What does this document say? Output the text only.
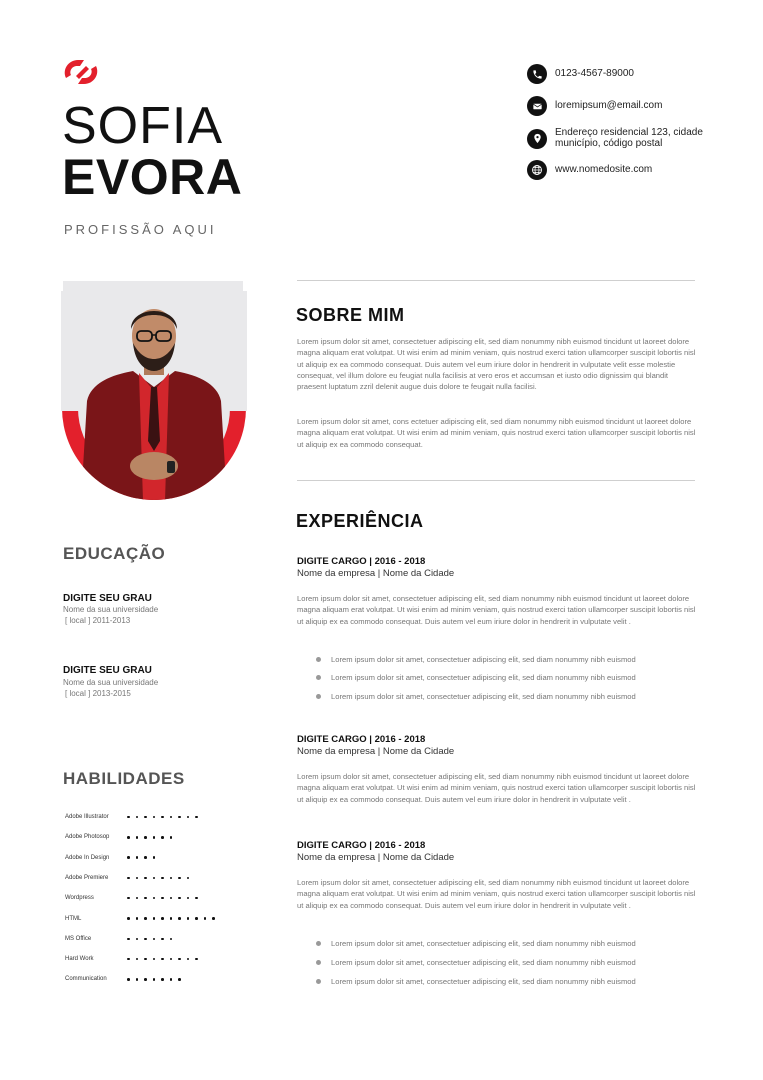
SOFIA
EVORA
PROFISSÃO AQUI
0123-4567-89000
loremipsum@email.com
Endereço residencial 123, cidade município, código postal
www.nomedosite.com
SOBRE MIM
Lorem ipsum dolor sit amet, consectetuer adipiscing elit, sed diam nonummy nibh euismod tincidunt ut laoreet dolore magna aliquam erat volutpat. Ut wisi enim ad minim veniam, quis nostrud exerci tation ullamcorper suscipit lobortis nisl ut aliquip ex ea commodo consequat. Duis autem vel eum iriure dolor in hendrerit in vulputate velit esse molestie consequat, vel illum dolore eu feugiat nulla facilisis at vero eros et accumsan et iusto odio dignissim qui blandit praesent luptatum zzril delenit augue duis dolore te feugait nulla facilisi.
Lorem ipsum dolor sit amet, cons ectetuer adipiscing elit, sed diam nonummy nibh euismod tincidunt ut laoreet dolore magna aliquam erat volutpat. Ut wisi enim ad minim veniam, quis nostrud exerci tation ullamcorper suscipit lobortis nisl ut aliquip ex ea commodo consequat.
EXPERIÊNCIA
DIGITE CARGO | 2016 - 2018
Nome da empresa | Nome da Cidade
Lorem ipsum dolor sit amet, consectetuer adipiscing elit, sed diam nonummy nibh euismod tincidunt ut laoreet dolore magna aliquam erat volutpat. Ut wisi enim ad minim veniam, quis nostrud exerci tation ullamcorper suscipit lobortis nisl ut aliquip ex ea commodo consequat. Duis autem vel eum iriure dolor in hendrerit in vulputate velit .
Lorem ipsum dolor sit amet, consectetuer adipiscing elit, sed diam nonummy nibh euismod
Lorem ipsum dolor sit amet, consectetuer adipiscing elit, sed diam nonummy nibh euismod
Lorem ipsum dolor sit amet, consectetuer adipiscing elit, sed diam nonummy nibh euismod
DIGITE CARGO | 2016 - 2018
Nome da empresa | Nome da Cidade
Lorem ipsum dolor sit amet, consectetuer adipiscing elit, sed diam nonummy nibh euismod tincidunt ut laoreet dolore magna aliquam erat volutpat. Ut wisi enim ad minim veniam, quis nostrud exerci tation ullamcorper suscipit lobortis nisl ut aliquip ex ea commodo consequat. Duis autem vel eum iriure dolor in hendrerit in vulputate velit .
DIGITE CARGO | 2016 - 2018
Nome da empresa | Nome da Cidade
Lorem ipsum dolor sit amet, consectetuer adipiscing elit, sed diam nonummy nibh euismod tincidunt ut laoreet dolore magna aliquam erat volutpat. Ut wisi enim ad minim veniam, quis nostrud exerci tation ullamcorper suscipit lobortis nisl ut aliquip ex ea commodo consequat. Duis autem vel eum iriure dolor in hendrerit in vulputate velit .
Lorem ipsum dolor sit amet, consectetuer adipiscing elit, sed diam nonummy nibh euismod
Lorem ipsum dolor sit amet, consectetuer adipiscing elit, sed diam nonummy nibh euismod
Lorem ipsum dolor sit amet, consectetuer adipiscing elit, sed diam nonummy nibh euismod
EDUCAÇÃO
DIGITE SEU GRAU
Nome da sua universidade
[ local ] 2011-2013
DIGITE SEU GRAU
Nome da sua universidade
[ local ] 2013-2015
HABILIDADES
Adobe Illustrator
Adobe Photosop
Adobe In Design
Adobe Premiere
Wordpress
HTML
MS Office
Hard Work
Communication
